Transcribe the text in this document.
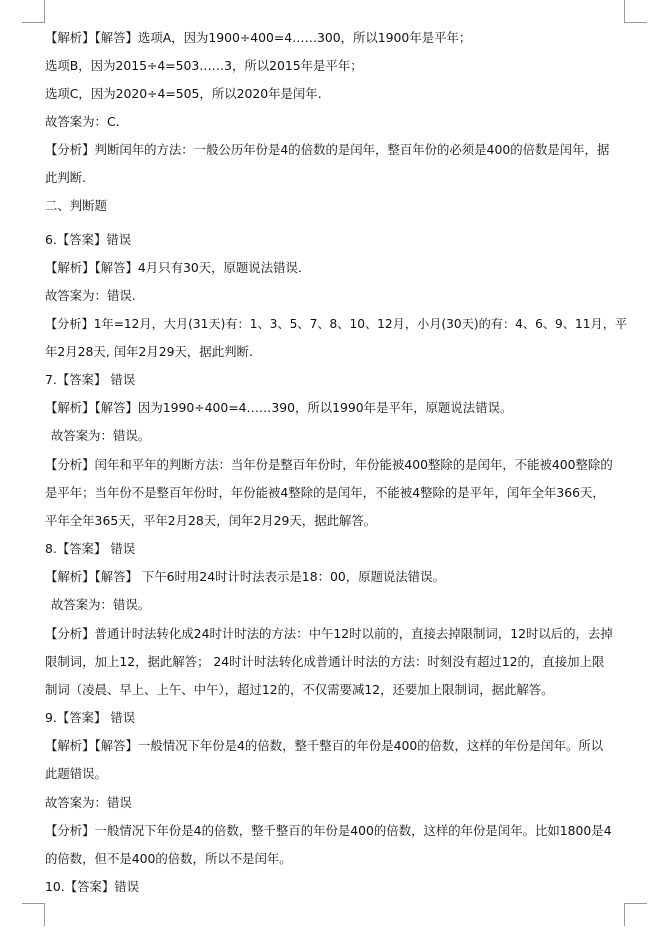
【解析】【解答】选项A，因为1900÷400=4……300，所以1900年是平年；
选项B，因为2015÷4=503……3，所以2015年是平年；
选项C，因为2020÷4=505，所以2020年是闰年.
故答案为：C.
【分析】判断闰年的方法：一般公历年份是4的倍数的是闰年，整百年份的必须是400的倍数是闰年，据
此判断.
二、判断题
6.【答案】错误
【解析】【解答】4月只有30天，原题说法错误.
故答案为：错误.
【分析】1年=12月，大月(31天)有：1、3、5、7、8、10、12月，小月(30天)的有：4、6、9、11月，平
年2月28天, 闰年2月29天，据此判断.
7.【答案】 错误
【解析】【解答】因为1990÷400=4……390，所以1990年是平年，原题说法错误。
故答案为：错误。
【分析】闰年和平年的判断方法：当年份是整百年份时，年份能被400整除的是闰年，不能被400整除的
是平年；当年份不是整百年份时，年份能被4整除的是闰年，不能被4整除的是平年，闰年全年366天，
平年全年365天，平年2月28天，闰年2月29天，据此解答。
8.【答案】 错误
【解析】【解答】 下午6时用24时计时法表示是18：00，原题说法错误。
故答案为：错误。
【分析】普通计时法转化成24时计时法的方法：中午12时以前的，直接去掉限制词，12时以后的，去掉
限制词，加上12，据此解答； 24时计时法转化成普通计时法的方法：时刻没有超过12的，直接加上限
制词（凌晨、早上、上午、中午），超过12的，不仅需要减12，还要加上限制词，据此解答。
9.【答案】 错误
【解析】【解答】一般情况下年份是4的倍数，整千整百的年份是400的倍数，这样的年份是闰年。所以
此题错误。
故答案为：错误
【分析】一般情况下年份是4的倍数，整千整百的年份是400的倍数，这样的年份是闰年。比如1800是4
的倍数，但不是400的倍数，所以不是闰年。
10.【答案】错误
